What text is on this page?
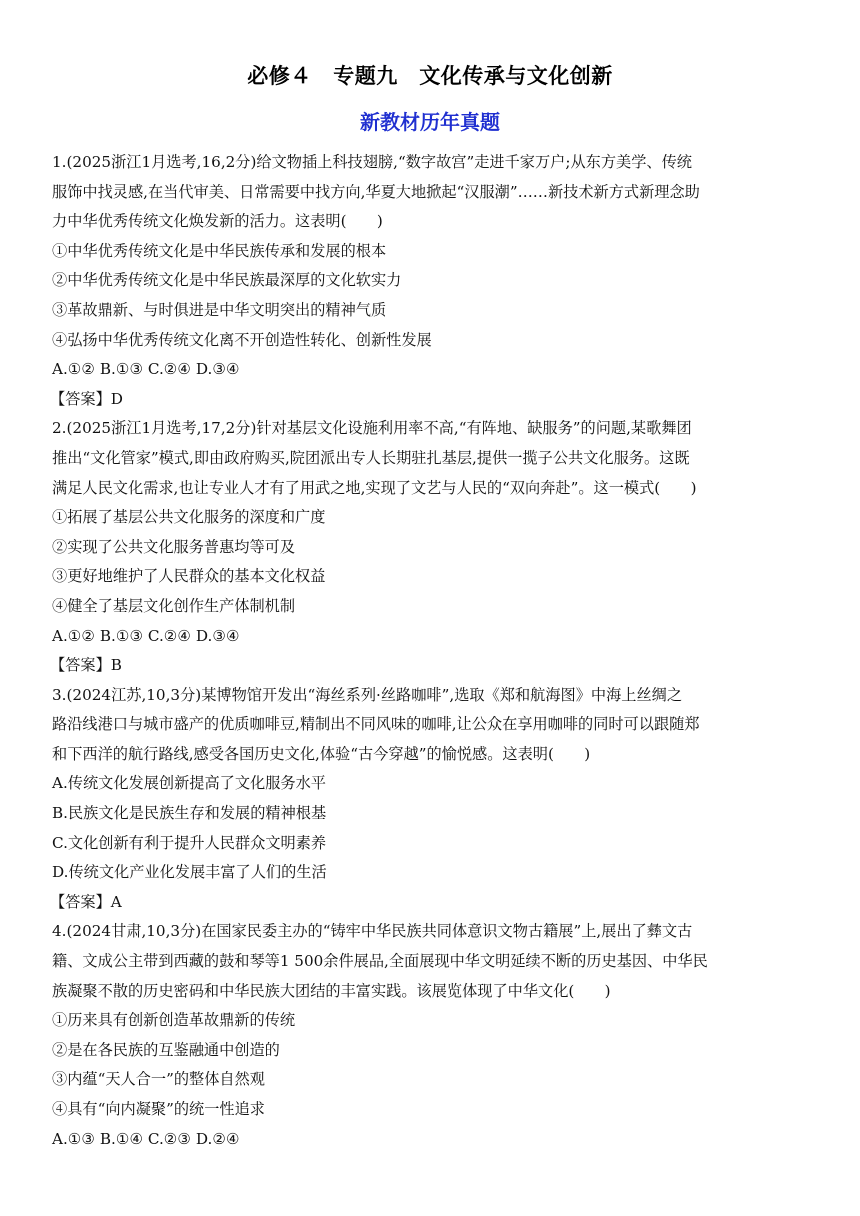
必修４　专题九　文化传承与文化创新
新教材历年真题
1.(2025浙江1月选考,16,2分)给文物插上科技翅膀,“数字故宫”走进千家万户;从东方美学、传统
服饰中找灵感,在当代审美、日常需要中找方向,华夏大地掀起“汉服潮”……新技术新方式新理念助
力中华优秀传统文化焕发新的活力。这表明(　　)
①中华优秀传统文化是中华民族传承和发展的根本
②中华优秀传统文化是中华民族最深厚的文化软实力
③革故鼎新、与时俱进是中华文明突出的精神气质
④弘扬中华优秀传统文化离不开创造性转化、创新性发展
A.①② B.①③ C.②④ D.③④
【答案】D
2.(2025浙江1月选考,17,2分)针对基层文化设施利用率不高,“有阵地、缺服务”的问题,某歌舞团
推出“文化管家”模式,即由政府购买,院团派出专人长期驻扎基层,提供一揽子公共文化服务。这既
满足人民文化需求,也让专业人才有了用武之地,实现了文艺与人民的“双向奔赴”。这一模式(　　)
①拓展了基层公共文化服务的深度和广度
②实现了公共文化服务普惠均等可及
③更好地维护了人民群众的基本文化权益
④健全了基层文化创作生产体制机制
A.①② B.①③ C.②④ D.③④
【答案】B
3.(2024江苏,10,3分)某博物馆开发出“海丝系列·丝路咖啡”,选取《郑和航海图》中海上丝绸之
路沿线港口与城市盛产的优质咖啡豆,精制出不同风味的咖啡,让公众在享用咖啡的同时可以跟随郑
和下西洋的航行路线,感受各国历史文化,体验“古今穿越”的愉悦感。这表明(　　)
A.传统文化发展创新提高了文化服务水平
B.民族文化是民族生存和发展的精神根基
C.文化创新有利于提升人民群众文明素养
D.传统文化产业化发展丰富了人们的生活
【答案】A
4.(2024甘肃,10,3分)在国家民委主办的“铸牢中华民族共同体意识文物古籍展”上,展出了彝文古
籍、文成公主带到西藏的鼓和琴等1 500余件展品,全面展现中华文明延续不断的历史基因、中华民
族凝聚不散的历史密码和中华民族大团结的丰富实践。该展览体现了中华文化(　　)
①历来具有创新创造革故鼎新的传统
②是在各民族的互鉴融通中创造的
③内蕴“天人合一”的整体自然观
④具有“向内凝聚”的统一性追求
A.①③ B.①④ C.②③ D.②④
